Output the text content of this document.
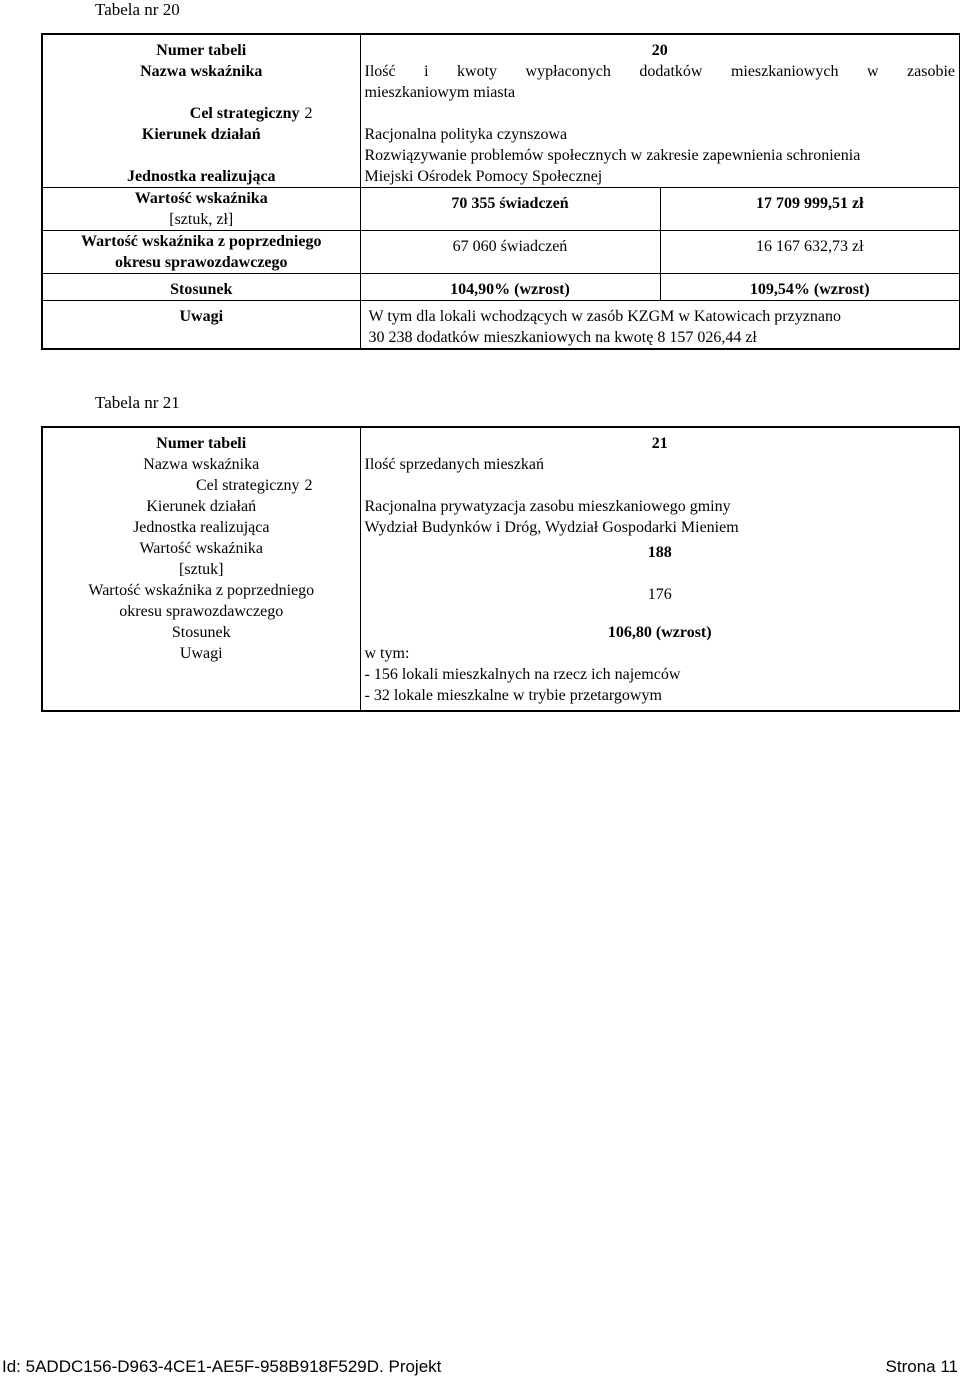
Tabela nr 20
Numer tabeli	20
Nazwa wskaźnika	Ilość i kwoty wypłaconych dodatków mieszkaniowych w zasobie
mieszkaniowym miasta

Cel strategiczny	2
Kierunek działań	Racjonalna polityka czynszowa
Rozwiązywanie problemów społecznych w zakresie zapewnienia schronienia

Jednostka realizująca	Miejski Ośrodek Pomocy Społecznej

Wartość wskaźnika
[sztuk, zł]	70 355 świadczeń	17 709 999,51 zł

Wartość wskaźnika z poprzedniego
okresu sprawozdawczego	67 060 świadczeń	16 167 632,73 zł
Stosunek	104,90% (wzrost)	109,54% (wzrost)
Uwagi	W tym dla lokali wchodzących w zasób KZGM w Katowicach przyznano
30 238 dodatków mieszkaniowych na kwotę 8 157 026,44 zł
Tabela nr 21
Numer tabeli	21
Nazwa wskaźnika	Ilość sprzedanych mieszkań
Cel strategiczny	2
Kierunek działań	Racjonalna prywatyzacja zasobu mieszkaniowego gminy
Jednostka realizująca	Wydział Budynków i Dróg, Wydział Gospodarki Mieniem

Wartość wskaźnika
[sztuk]	188

Wartość wskaźnika z poprzedniego
okresu sprawozdawczego	176
Stosunek	106,80 (wzrost)
Uwagi	w tym:
- 156 lokali mieszkalnych na rzecz ich najemców
- 32 lokale mieszkalne w trybie przetargowym
Id: 5ADDC156-D963-4CE1-AE5F-958B918F529D. Projekt	Strona 11
